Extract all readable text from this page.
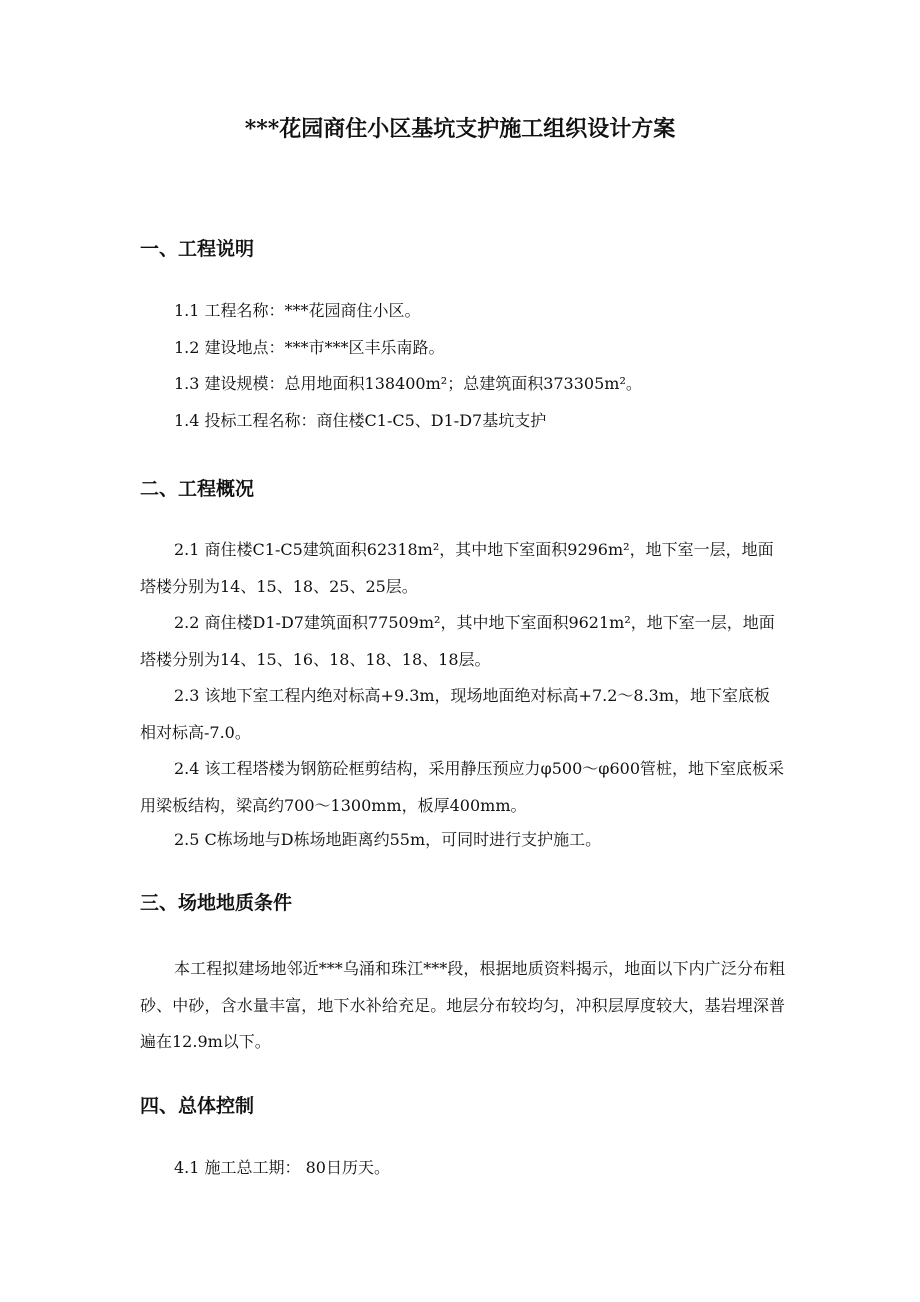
***花园商住小区基坑支护施工组织设计方案
一、工程说明

1.1 工程名称：***花园商住小区。

1.2 建设地点：***市***区丰乐南路。

1.3 建设规模：总用地面积138400m²；总建筑面积373305m²。

1.4 投标工程名称：商住楼C1-C5、D1-D7基坑支护

二、工程概况

2.1 商住楼C1-C5建筑面积62318m²，其中地下室面积9296m²，地下室一层，地面塔楼分别为14、15、18、25、25层。

2.2 商住楼D1-D7建筑面积77509m²，其中地下室面积9621m²，地下室一层，地面塔楼分别为14、15、16、18、18、18、18层。

2.3 该地下室工程内绝对标高+9.3m，现场地面绝对标高+7.2～8.3m，地下室底板相对标高-7.0。

2.4 该工程塔楼为钢筋砼框剪结构，采用静压预应力φ500～φ600管桩，地下室底板采用梁板结构，梁高约700～1300mm，板厚400mm。

2.5 C栋场地与D栋场地距离约55m，可同时进行支护施工。

三、场地地质条件

本工程拟建场地邻近***乌涌和珠江***段，根据地质资料揭示，地面以下内广泛分布粗砂、中砂，含水量丰富，地下水补给充足。地层分布较均匀，冲积层厚度较大，基岩埋深普遍在12.9m以下。

四、总体控制

4.1 施工总工期： 80日历天。
